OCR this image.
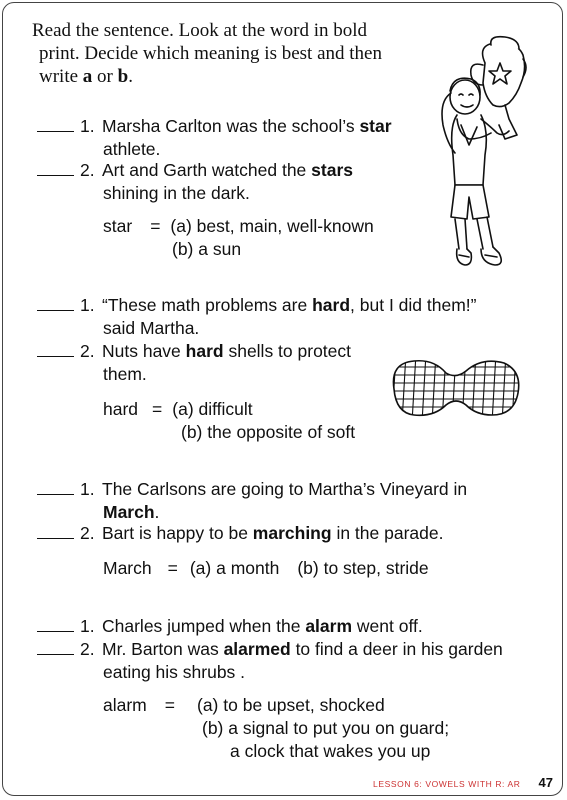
Read the sentence. Look at the word in bold

print. Decide which meaning is best and then

write a or b.

1. Marsha Carlton was the school’s star
athlete.
2. Art and Garth watched the stars
shining in the dark.
star = (a) best, main, well-known
(b) a sun
1. “These math problems are hard, but I did them!”
said Martha.
2. Nuts have hard shells to protect
them.
hard = (a) difficult
(b) the opposite of soft
1. The Carlsons are going to Martha’s Vineyard in
March.
2. Bart is happy to be marching in the parade.
March = (a) a month (b) to step, stride
1. Charles jumped when the alarm went off.
2. Mr. Barton was alarmed to find a deer in his garden
eating his shrubs .
alarm = (a) to be upset, shocked
(b) a signal to put you on guard;
a clock that wakes you up
LESSON 6: VOWELS WITH R: AR 47
